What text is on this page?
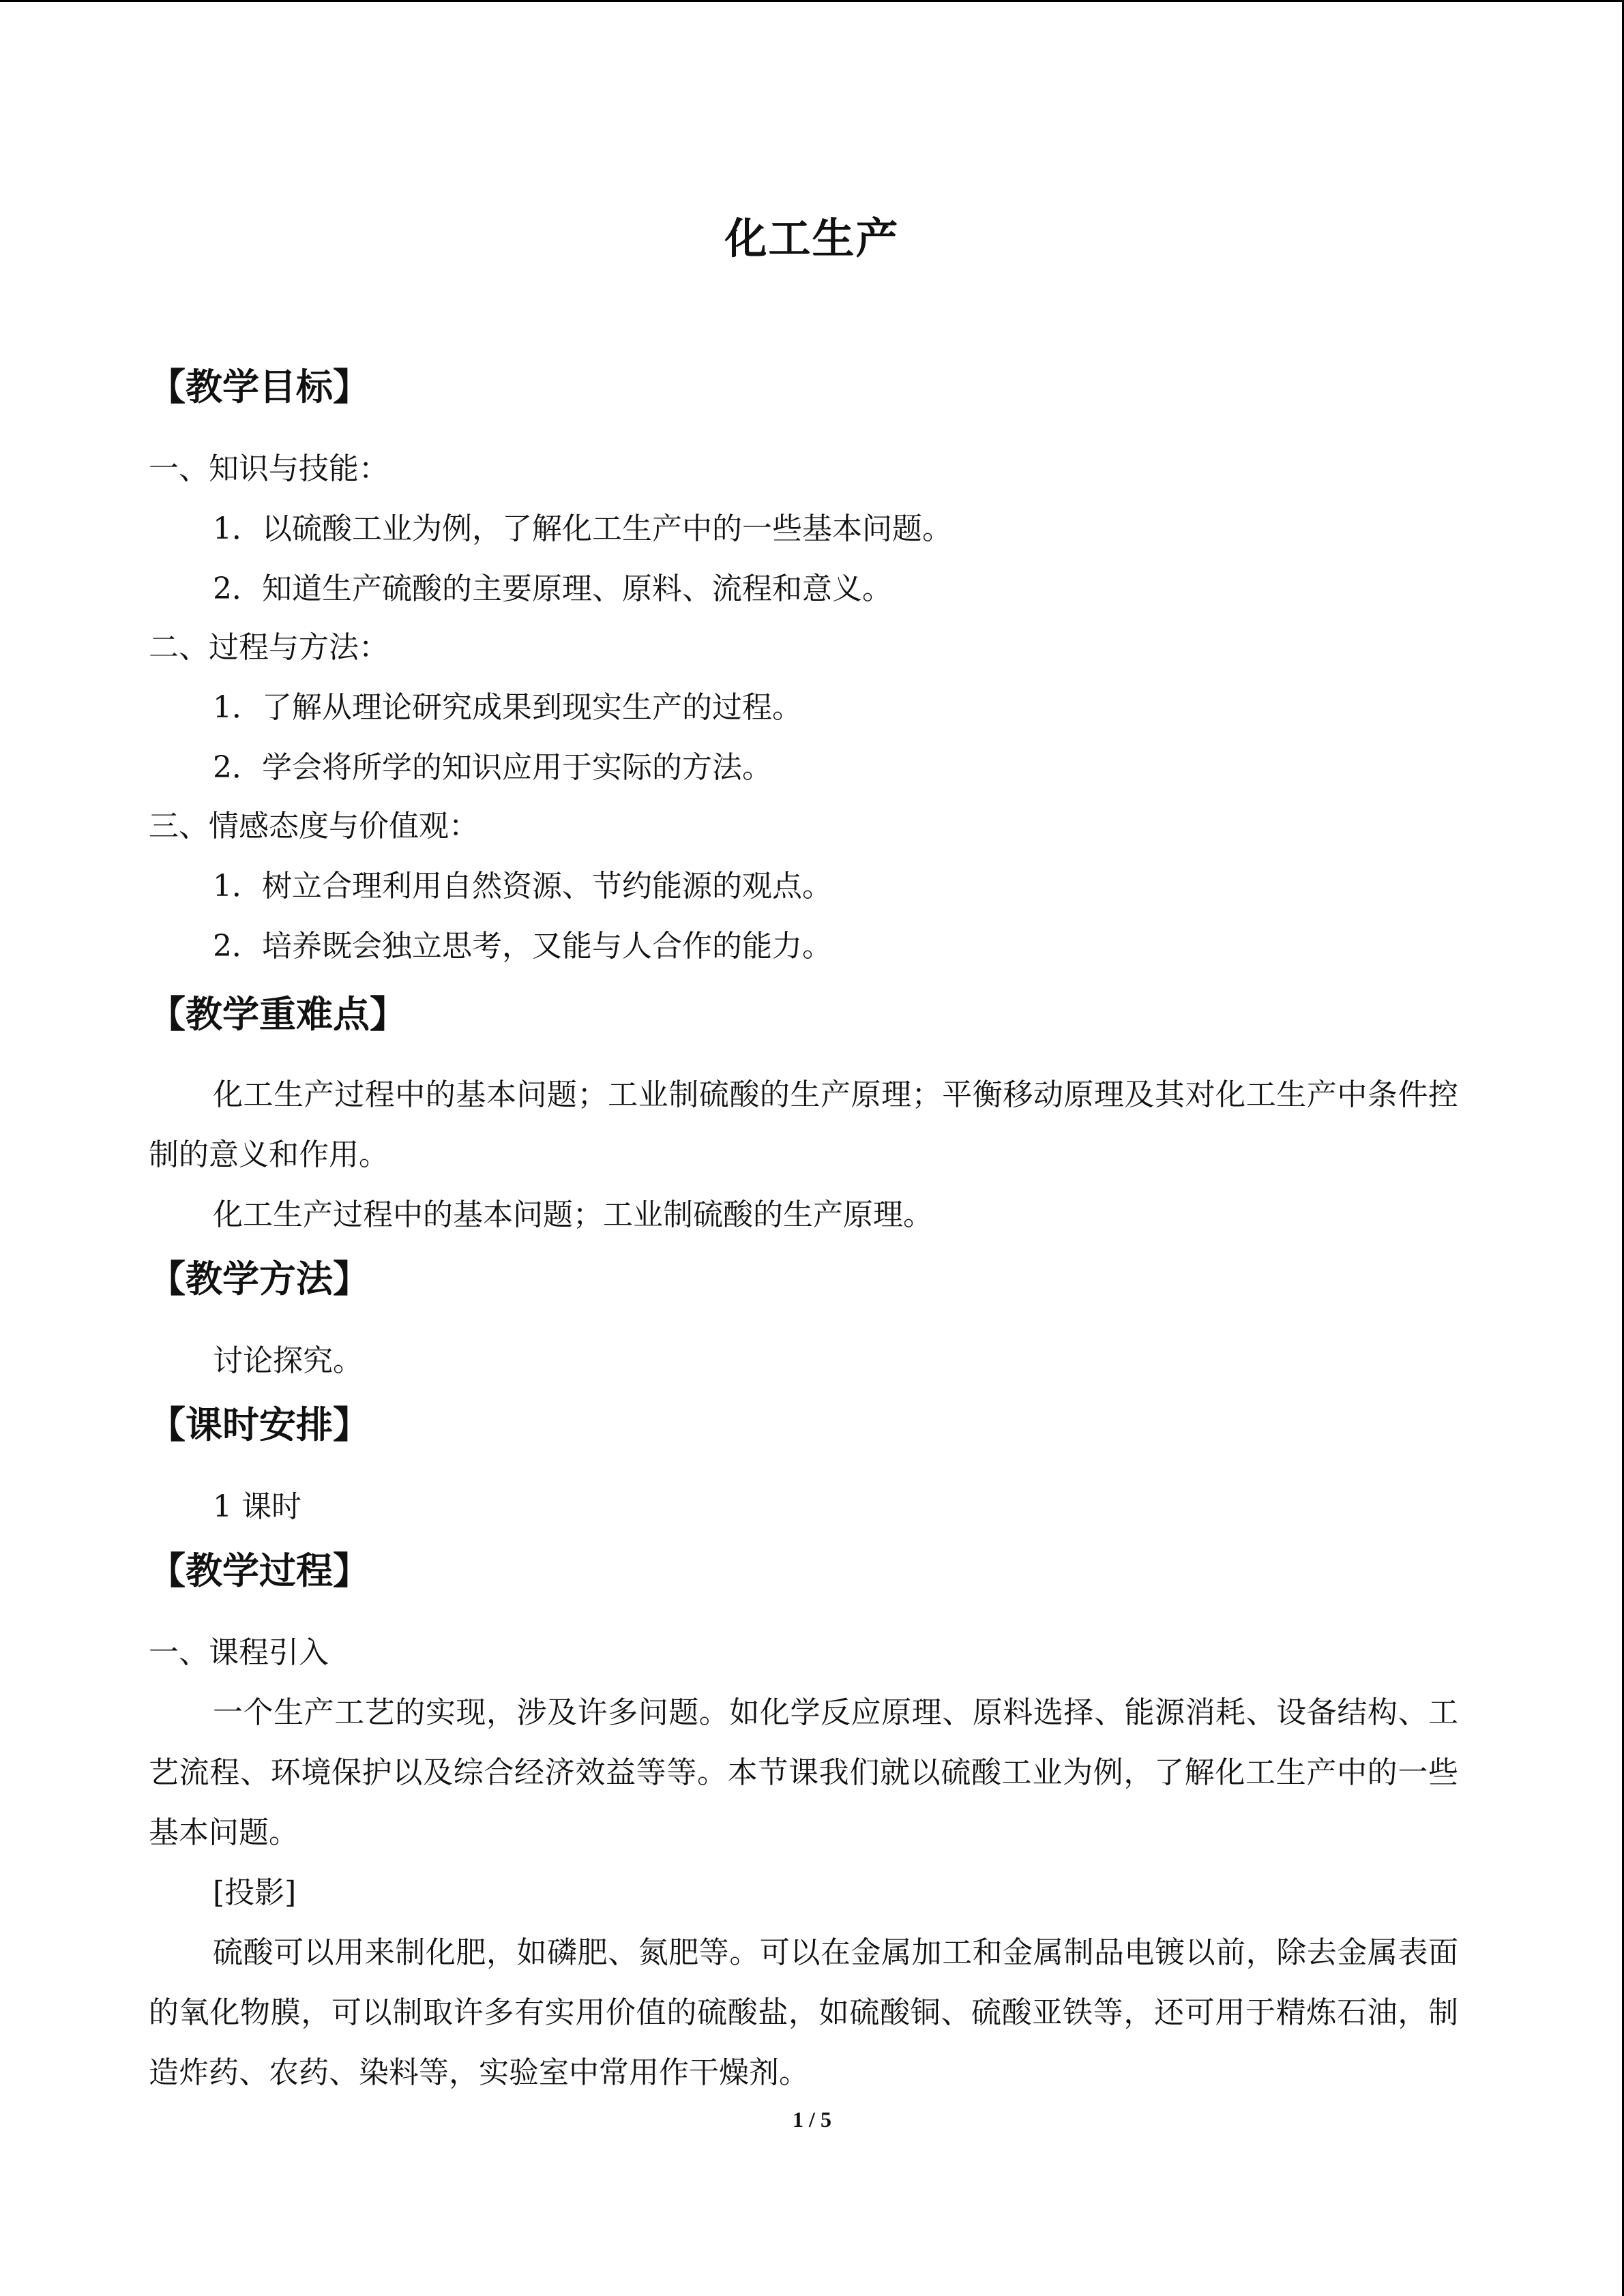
化工生产
【教学目标】

一、知识与技能：

1．以硫酸工业为例，了解化工生产中的一些基本问题。

2．知道生产硫酸的主要原理、原料、流程和意义。

二、过程与方法：

1．了解从理论研究成果到现实生产的过程。

2．学会将所学的知识应用于实际的方法。

三、情感态度与价值观：

1．树立合理利用自然资源、节约能源的观点。

2．培养既会独立思考，又能与人合作的能力。

【教学重难点】

化工生产过程中的基本问题；工业制硫酸的生产原理；平衡移动原理及其对化工生产中条件控制的意义和作用。

化工生产过程中的基本问题；工业制硫酸的生产原理。

【教学方法】

讨论探究。

【课时安排】

1 课时

【教学过程】

一、课程引入

一个生产工艺的实现，涉及许多问题。如化学反应原理、原料选择、能源消耗、设备结构、工艺流程、环境保护以及综合经济效益等等。本节课我们就以硫酸工业为例，了解化工生产中的一些基本问题。

[投影]

硫酸可以用来制化肥，如磷肥、氮肥等。可以在金属加工和金属制品电镀以前，除去金属表面的氧化物膜，可以制取许多有实用价值的硫酸盐，如硫酸铜、硫酸亚铁等，还可用于精炼石油，制造炸药、农药、染料等，实验室中常用作干燥剂。

1 / 5
